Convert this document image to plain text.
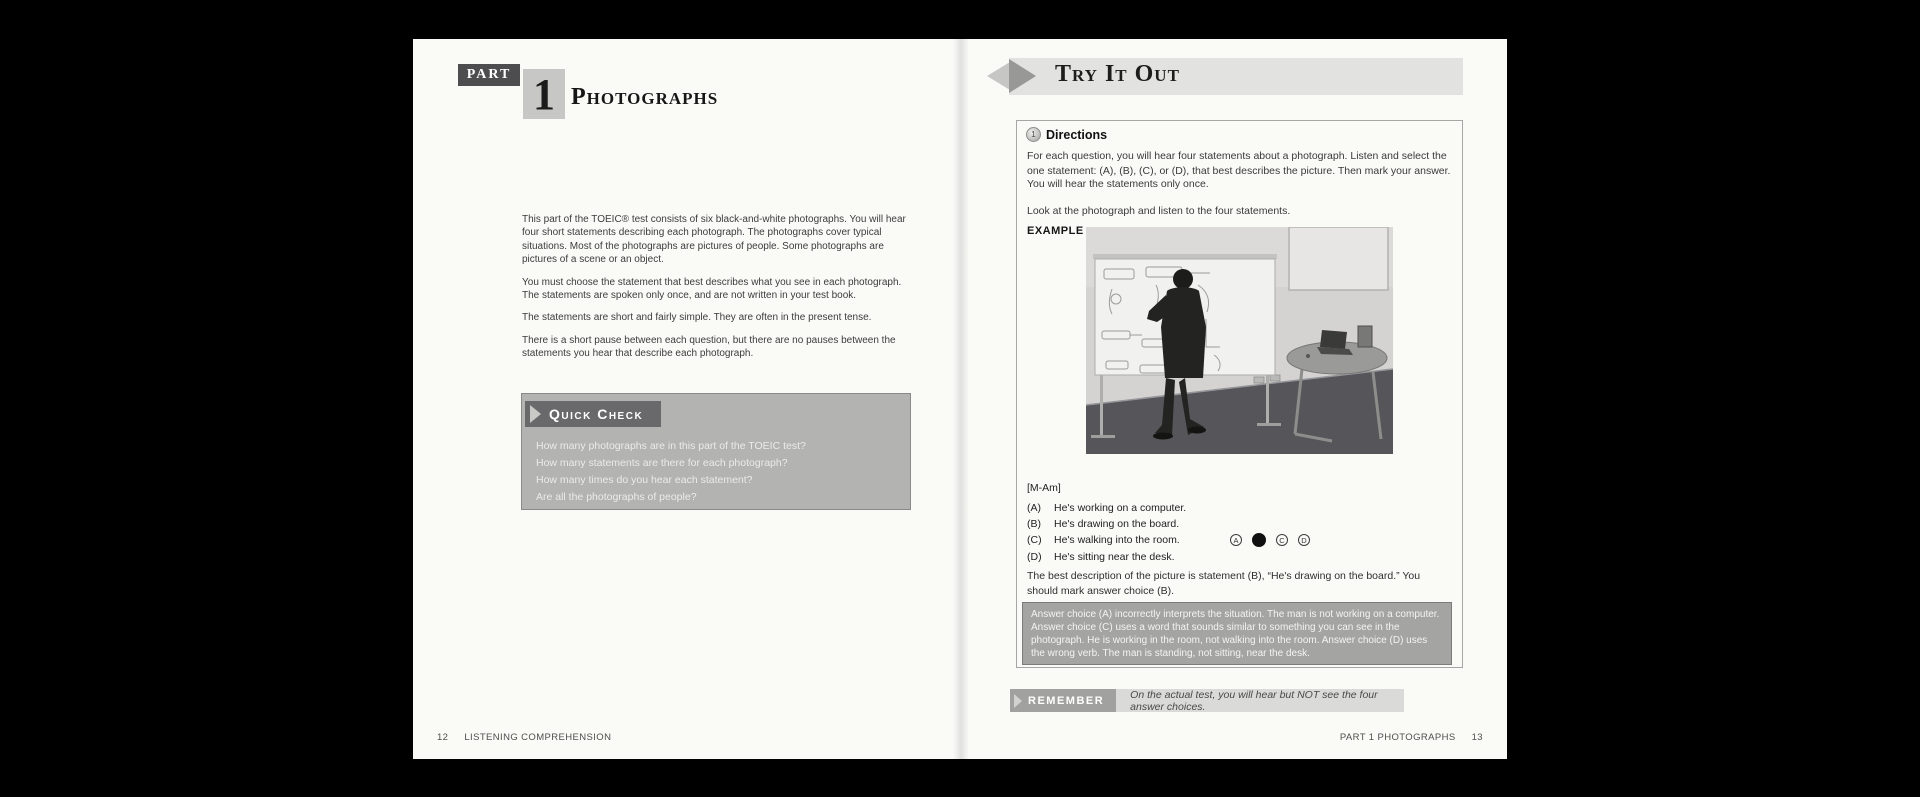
PART 1 Photographs

This part of the TOEIC® test consists of six black-and-white photographs. You will hear four short statements describing each photograph. The photographs cover typical situations. Most of the photographs are pictures of people. Some photographs are pictures of a scene or an object.

You must choose the statement that best describes what you see in each photograph. The statements are spoken only once, and are not written in your test book.

The statements are short and fairly simple. They are often in the present tense.

There is a short pause between each question, but there are no pauses between the statements you hear that describe each photograph.

Quick Check
How many photographs are in this part of the TOEIC test?
How many statements are there for each photograph?
How many times do you hear each statement?
Are all the photographs of people?
12 LISTENING COMPREHENSION
Try It Out
1 Directions
For each question, you will hear four statements about a photograph. Listen and select the one statement: (A), (B), (C), or (D), that best describes the picture. Then mark your answer.
You will hear the statements only once.
Look at the photograph and listen to the four statements.
EXAMPLE
[M-Am]
(A)	He's working on a computer.
(B)	He's drawing on the board.
(C)	He's walking into the room.
(D)	He's sitting near the desk.
A	C	D
The best description of the picture is statement (B), “He's drawing on the board.” You should mark answer choice (B).
Answer choice (A) incorrectly interprets the situation. The man is not working on a computer. Answer choice (C) uses a word that sounds similar to something you can see in the photograph. He is working in the room, not walking into the room. Answer choice (D) uses the wrong verb. The man is standing, not sitting, near the desk.
REMEMBER	On the actual test, you will hear but NOT see the four answer choices.
PART 1 PHOTOGRAPHS 13
